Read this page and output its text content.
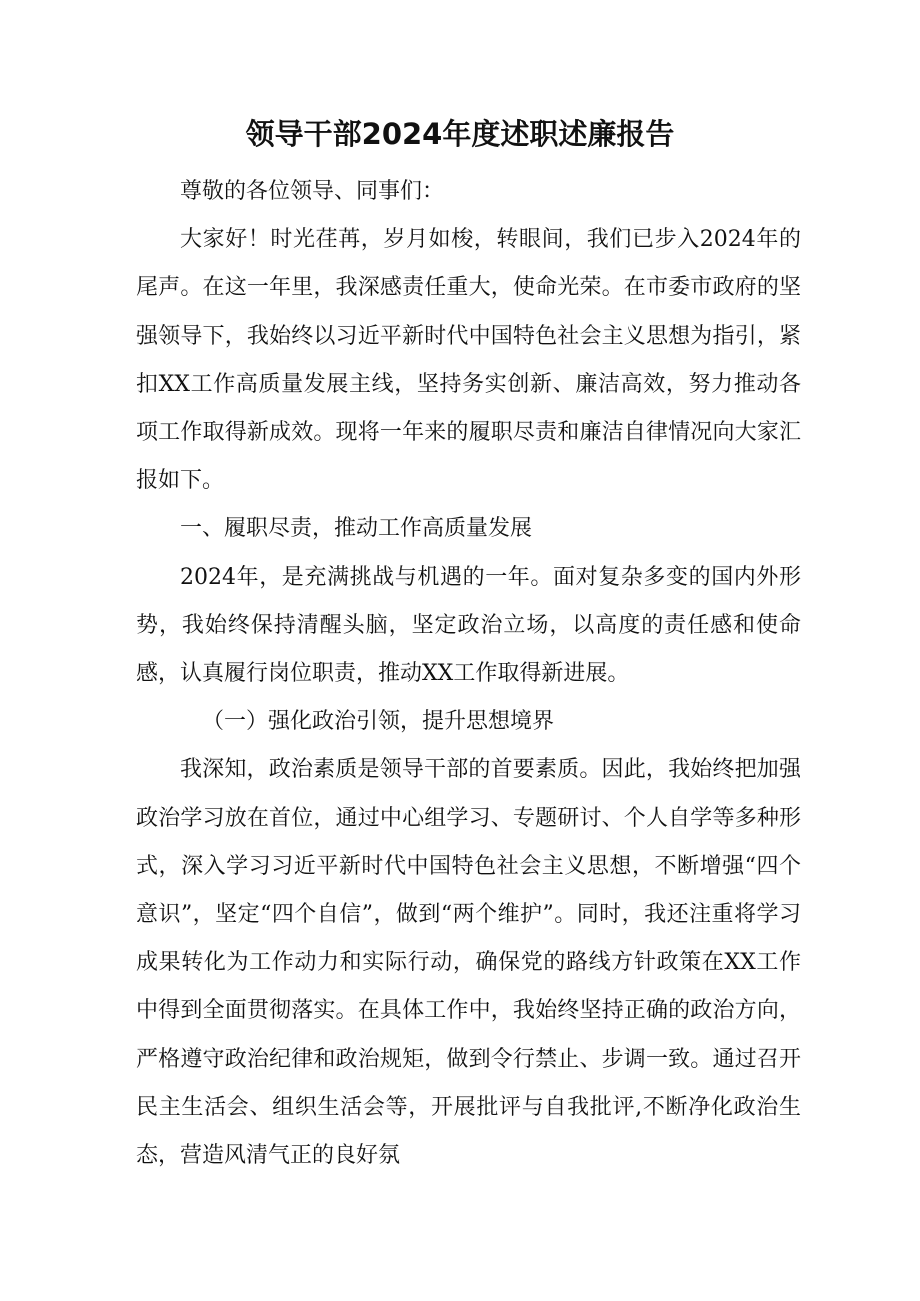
领导干部2024年度述职述廉报告

尊敬的各位领导、同事们：

大家好！时光荏苒，岁月如梭，转眼间，我们已步入2024年的尾声。在这一年里，我深感责任重大，使命光荣。在市委市政府的坚强领导下，我始终以习近平新时代中国特色社会主义思想为指引，紧扣XX工作高质量发展主线，坚持务实创新、廉洁高效，努力推动各项工作取得新成效。现将一年来的履职尽责和廉洁自律情况向大家汇报如下。

一、履职尽责，推动工作高质量发展

2024年，是充满挑战与机遇的一年。面对复杂多变的国内外形势，我始终保持清醒头脑，坚定政治立场，以高度的责任感和使命感，认真履行岗位职责，推动XX工作取得新进展。

（一）强化政治引领，提升思想境界

我深知，政治素质是领导干部的首要素质。因此，我始终把加强政治学习放在首位，通过中心组学习、专题研讨、个人自学等多种形式，深入学习习近平新时代中国特色社会主义思想，不断增强“四个意识”，坚定“四个自信”，做到“两个维护”。同时，我还注重将学习成果转化为工作动力和实际行动，确保党的路线方针政策在XX工作中得到全面贯彻落实。在具体工作中，我始终坚持正确的政治方向，严格遵守政治纪律和政治规矩，做到令行禁止、步调一致。通过召开民主生活会、组织生活会等，开展批评与自我批评,不断净化政治生态，营造风清气正的良好氛
